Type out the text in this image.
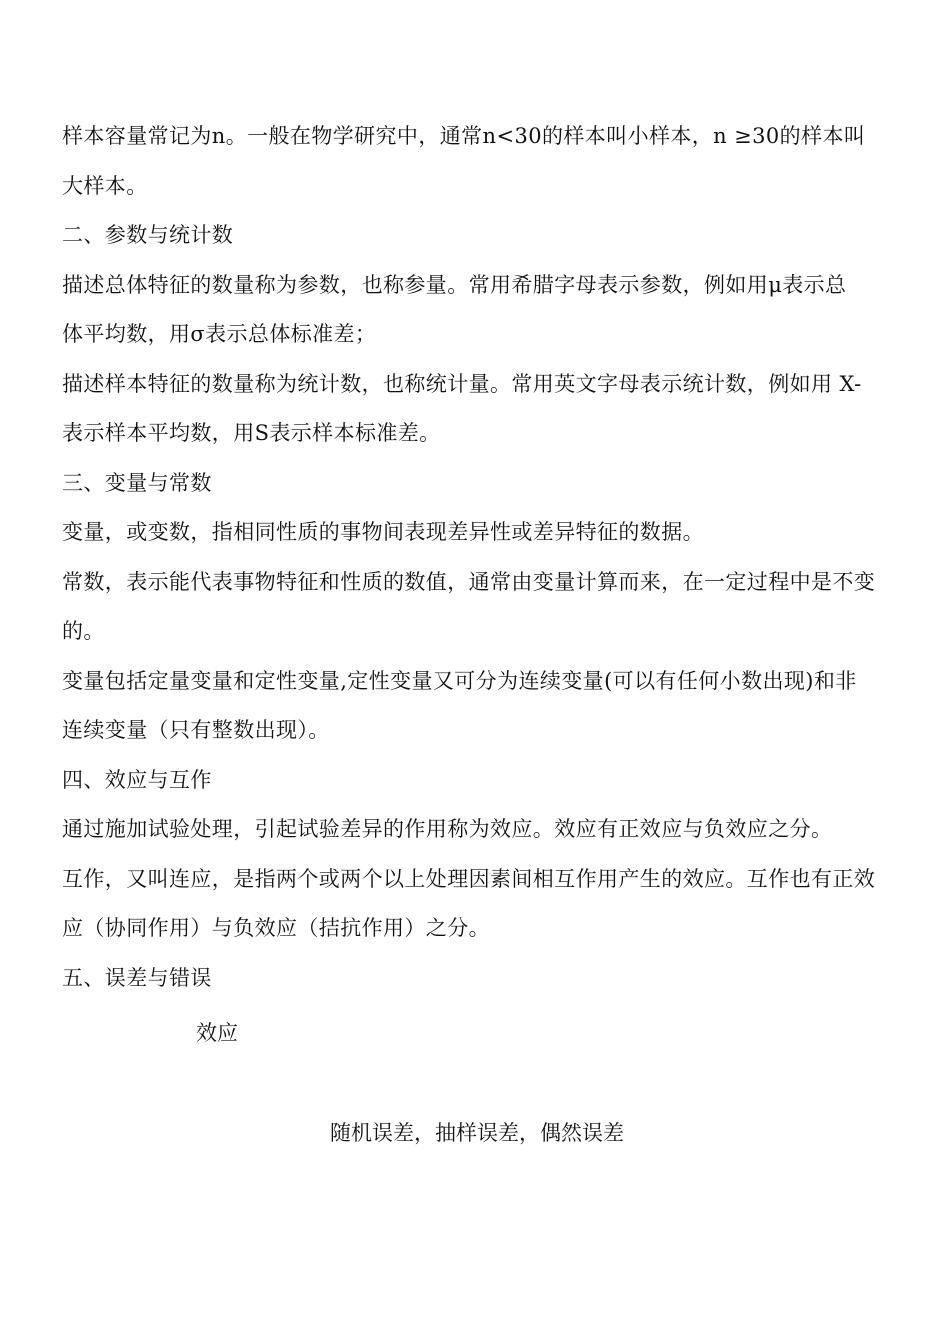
样本容量常记为n。一般在物学研究中，通常n<30的样本叫小样本，n ≥30的样本叫

大样本。

二、参数与统计数

描述总体特征的数量称为参数，也称参量。常用希腊字母表示参数，例如用μ表示总

体平均数，用σ表示总体标准差；

描述样本特征的数量称为统计数，也称统计量。常用英文字母表示统计数，例如用 X-

表示样本平均数，用S表示样本标准差。

三、变量与常数

变量，或变数，指相同性质的事物间表现差异性或差异特征的数据。

常数，表示能代表事物特征和性质的数值，通常由变量计算而来，在一定过程中是不变

的。

变量包括定量变量和定性变量,定性变量又可分为连续变量(可以有任何小数出现)和非

连续变量（只有整数出现）。

四、效应与互作

通过施加试验处理，引起试验差异的作用称为效应。效应有正效应与负效应之分。

互作，又叫连应，是指两个或两个以上处理因素间相互作用产生的效应。互作也有正效

应（协同作用）与负效应（拮抗作用）之分。

五、误差与错误

效应

随机误差，抽样误差，偶然误差
